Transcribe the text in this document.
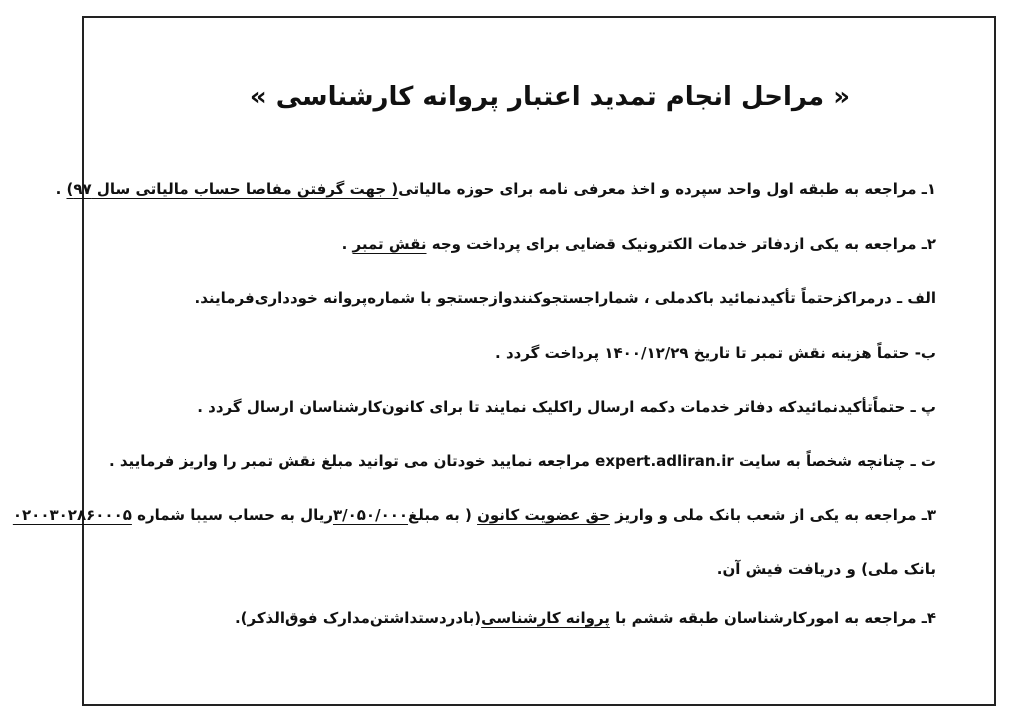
« مراحل انجام تمدید اعتبار پروانه کارشناسی »
۱ـ مراجعه به طبقه اول واحد سپرده و اخذ معرفی نامه برای حوزه مالیاتی( جهت گرفتن مفاصا حساب مالیاتی سال ۹۷) .
۲ـ مراجعه به یکی ازدفاتر خدمات الکترونیک قضایی برای پرداخت وجه نقش تمبر .
الف ـ درمراکزحتماً تأکیدنمائید باکدملی ، شماراجستجوکنندوازجستجو با شماره‌پروانه خودداری‌فرمایند.
ب- حتماً هزینه نقش تمبر تا تاریخ ۱۴۰۰/۱۲/۲۹ پرداخت گردد .
پ ـ حتماًتأکیدنمائیدکه دفاتر خدمات دکمه ارسال راکلیک نمایند تا برای کانون‌کارشناسان ارسال گردد .
ت ـ چنانچه شخصاً به سایت expert.adliran.ir مراجعه نمایید خودتان می توانید مبلغ نقش تمبر را واریز فرمایید .
۳ـ مراجعه به یکی از شعب بانک ملی و واریز حق عضویت کانون ( به مبلغ۳/۰۵۰/۰۰۰ریال به حساب سیبا شماره ۰۲۰۰۳۰۲۸۶۰۰۰۵
بانک ملی) و دریافت فیش آن.
۴ـ مراجعه به امورکارشناسان طبقه ششم با پروانه کارشناسی(بادردستداشتن‌مدارک فوق‌الذکر).
